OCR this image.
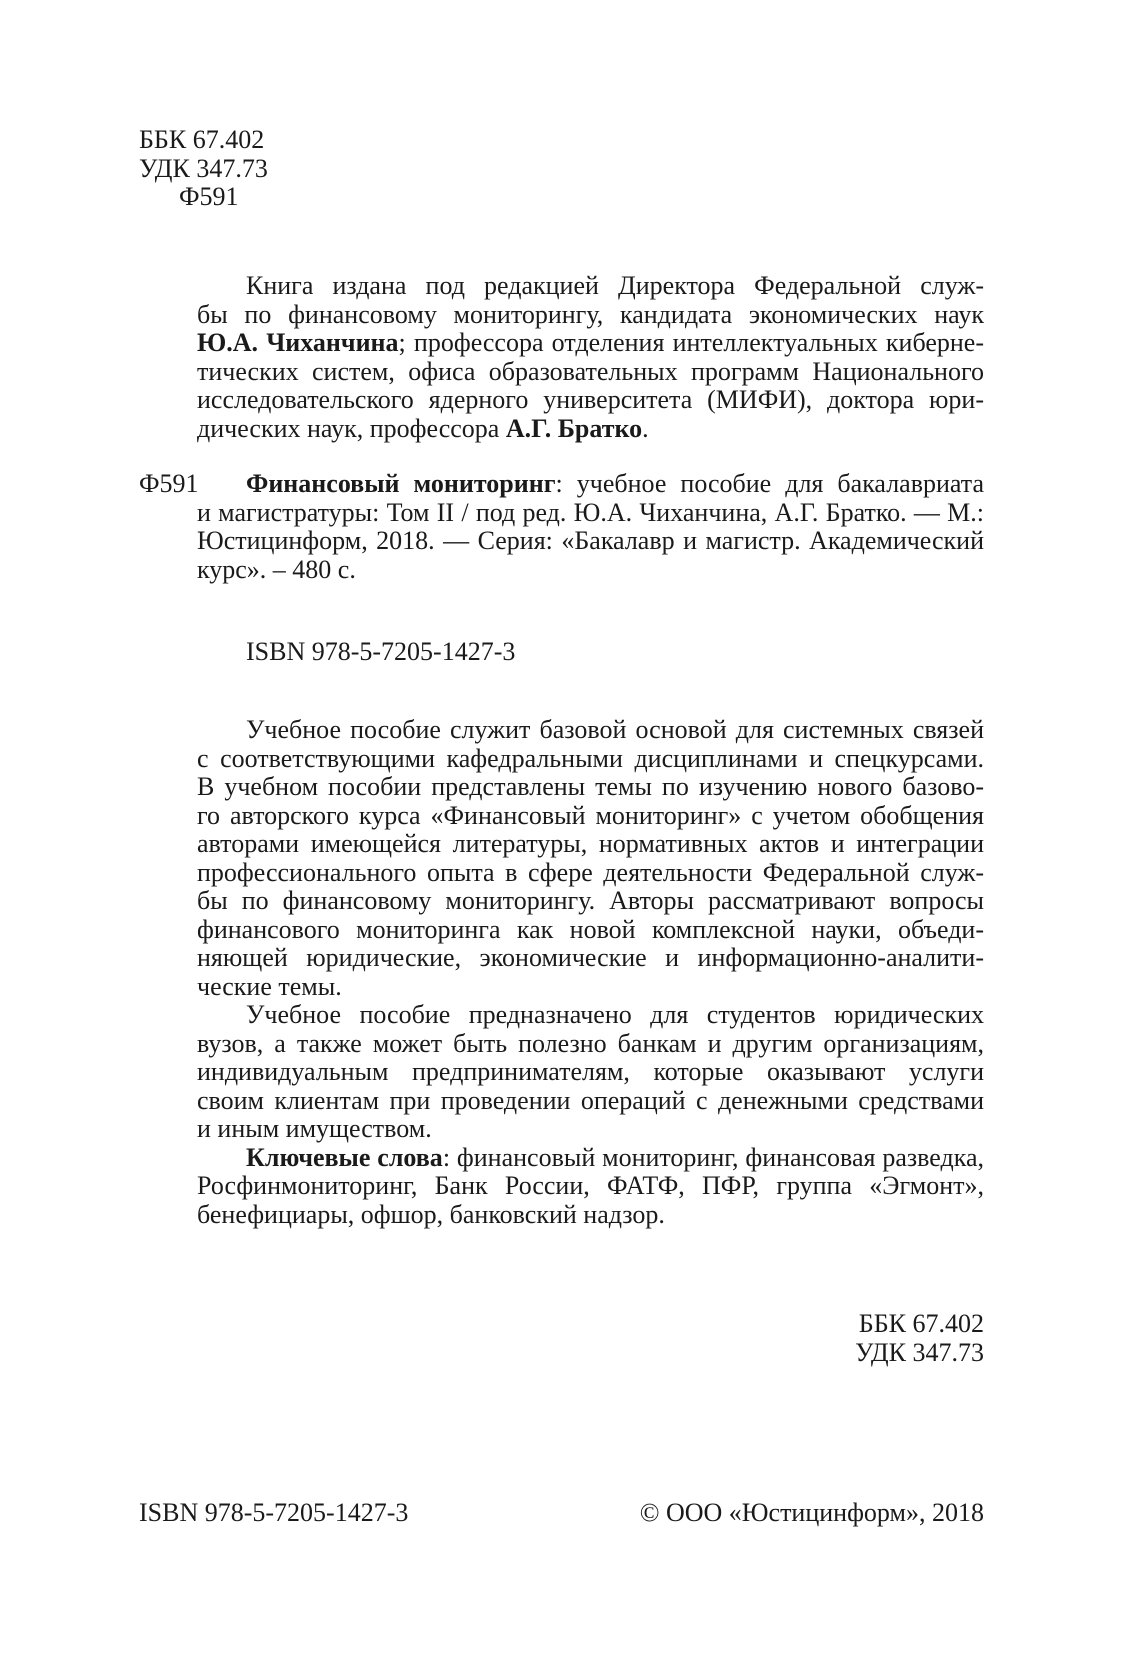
ББК 67.402
УДК 347.73
Ф591
Книга издана под редакцией Директора Федеральной служ-
бы по финансовому мониторингу, кандидата экономических наук
Ю.А. Чиханчина; профессора отделения интеллектуальных киберне-
тических систем, офиса образовательных программ Национального
исследовательского ядерного университета (МИФИ), доктора юри-
дических наук, профессора А.Г. Братко.
Ф591	Финансовый мониторинг: учебное пособие для бакалавриата
и магистратуры: Том II / под ред. Ю.А. Чиханчина, А.Г. Братко. — М.:
Юстицинформ, 2018. — Серия: «Бакалавр и магистр. Академический
курс». – 480 с.
ISBN 978-5-7205-1427-3
Учебное пособие служит базовой основой для системных связей
с соответствующими кафедральными дисциплинами и спецкурсами.
В учебном пособии представлены темы по изучению нового базово-
го авторского курса «Финансовый мониторинг» с учетом обобщения
авторами имеющейся литературы, нормативных актов и интеграции
профессионального опыта в сфере деятельности Федеральной служ-
бы по финансовому мониторингу. Авторы рассматривают вопросы
финансового мониторинга как новой комплексной науки, объеди-
няющей юридические, экономические и информационно-аналити-
ческие темы.
Учебное пособие предназначено для студентов юридических
вузов, а также может быть полезно банкам и другим организациям,
индивидуальным предпринимателям, которые оказывают услуги
своим клиентам при проведении операций с денежными средствами
и иным имуществом.
Ключевые слова: финансовый мониторинг, финансовая разведка,
Росфинмониторинг, Банк России, ФАТФ, ПФР, группа «Эгмонт»,
бенефициары, офшор, банковский надзор.
ББК 67.402
УДК 347.73
ISBN 978-5-7205-1427-3	© ООО «Юстицинформ», 2018
